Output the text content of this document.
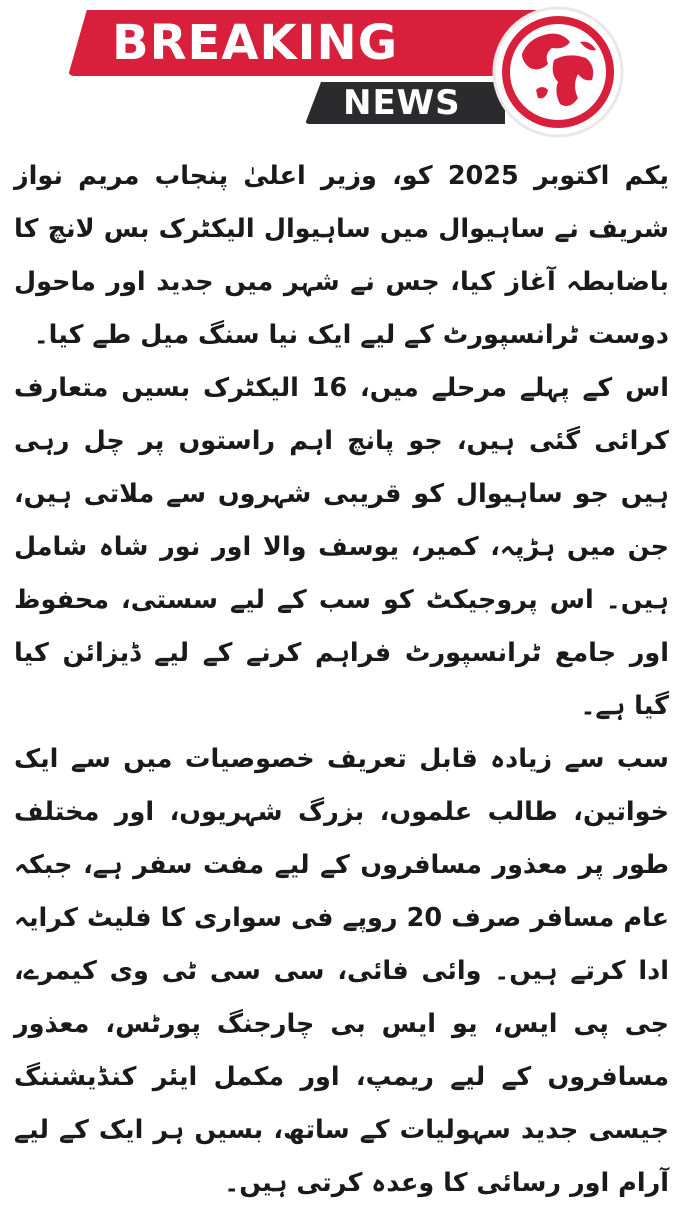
BREAKING
NEWS

یکم اکتوبر 2025 کو، وزیر اعلیٰ پنجاب مریم نواز شریف نے ساہیوال میں ساہیوال الیکٹرک بس لانچ کا باضابطہ آغاز کیا، جس نے شہر میں جدید اور ماحول دوست ٹرانسپورٹ کے لیے ایک نیا سنگ میل طے کیا۔

اس کے پہلے مرحلے میں، 16 الیکٹرک بسیں متعارف کرائی گئی ہیں، جو پانچ اہم راستوں پر چل رہی ہیں جو ساہیوال کو قریبی شہروں سے ملاتی ہیں، جن میں ہڑپہ، کمیر، یوسف والا اور نور شاہ شامل ہیں۔ اس پروجیکٹ کو سب کے لیے سستی، محفوظ اور جامع ٹرانسپورٹ فراہم کرنے کے لیے ڈیزائن کیا گیا ہے۔

سب سے زیادہ قابل تعریف خصوصیات میں سے ایک خواتین، طالب علموں، بزرگ شہریوں، اور مختلف طور پر معذور مسافروں کے لیے مفت سفر ہے، جبکہ عام مسافر صرف 20 روپے فی سواری کا فلیٹ کرایہ ادا کرتے ہیں۔ وائی فائی، سی سی ٹی وی کیمرے، جی پی ایس، یو ایس بی چارجنگ پورٹس، معذور مسافروں کے لیے ریمپ، اور مکمل ایئر کنڈیشننگ جیسی جدید سہولیات کے ساتھ، بسیں ہر ایک کے لیے آرام اور رسائی کا وعدہ کرتی ہیں۔
